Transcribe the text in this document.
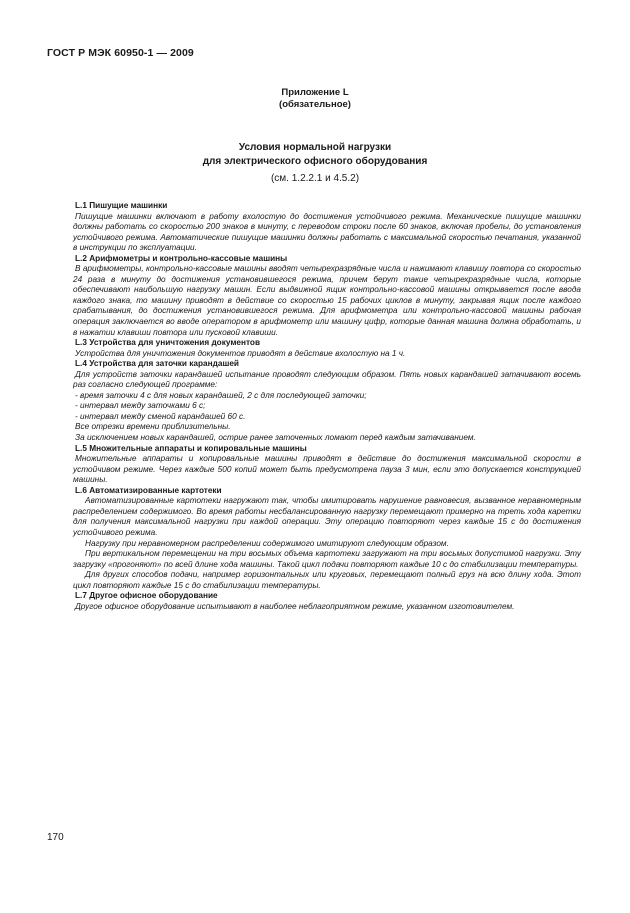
ГОСТ Р МЭК 60950-1 — 2009
Приложение L
(обязательное)
Условия нормальной нагрузки
для электрического офисного оборудования
(см. 1.2.2.1 и 4.5.2)
L.1 Пишущие машинки

Пишущие машинки включают в работу вхолостую до достижения устойчивого режима. Механические пишущие машинки должны работать со скоростью 200 знаков в минуту, с переводом строки после 60 знаков, включая пробелы, до установления устойчивого режима. Автоматические пишущие машинки должны работать с максимальной скоростью печатания, указанной в инструкции по эксплуатации.

L.2 Арифмометры и контрольно-кассовые машины

В арифмометры, контрольно-кассовые машины вводят четырехразрядные числа и нажимают клавишу повтора со скоростью 24 раза в минуту до достижения установившегося режима, причем берут такие четырехразрядные числа, которые обеспечивают наибольшую нагрузку машин. Если выдвижной ящик контрольно-кассовой машины открывается после ввода каждого знака, то машину приводят в действие со скоростью 15 рабочих циклов в минуту, закрывая ящик после каждого срабатывания, до достижения установившегося режима. Для арифмометра или контрольно-кассовой машины рабочая операция заключается во вводе оператором в арифмометр или машину цифр, которые данная машина должна обработать, и в нажатии клавиши повтора или пусковой клавиши.

L.3 Устройства для уничтожения документов

Устройства для уничтожения документов приводят в действие вхолостую на 1 ч.

L.4 Устройства для заточки карандашей

Для устройств заточки карандашей испытание проводят следующим образом. Пять новых карандашей затачивают восемь раз согласно следующей программе:

- время заточки 4 с для новых карандашей, 2 с для последующей заточки;

- интервал между заточками 6 с;

- интервал между сменой карандашей 60 с.

Все отрезки времени приблизительны.

За исключением новых карандашей, острие ранее заточенных ломают перед каждым затачиванием.

L.5 Множительные аппараты и копировальные машины

Множительные аппараты и копировальные машины приводят в действие до достижения максимальной скорости в устойчивом режиме. Через каждые 500 копий может быть предусмотрена пауза 3 мин, если это допускается конструкцией машины.

L.6 Автоматизированные картотеки

Автоматизированные картотеки нагружают так, чтобы имитировать нарушение равновесия, вызванное неравномерным распределением содержимого. Во время работы несбалансированную нагрузку перемещают примерно на треть хода каретки для получения максимальной нагрузки при каждой операции. Эту операцию повторяют через каждые 15 с до достижения устойчивого режима.

Нагрузку при неравномерном распределении содержимого имитируют следующим образом.

При вертикальном перемещении на три восьмых объема картотеки загружают на три восьмых допустимой нагрузки. Эту загрузку «прогоняют» по всей длине хода машины. Такой цикл подачи повторяют каждые 10 с до стабилизации температуры.

Для других способов подачи, например горизонтальных или круговых, перемещают полный груз на всю длину хода. Этот цикл повторяют каждые 15 с до стабилизации температуры.

L.7 Другое офисное оборудование

Другое офисное оборудование испытывают в наиболее неблагоприятном режиме, указанном изготовителем.

170
